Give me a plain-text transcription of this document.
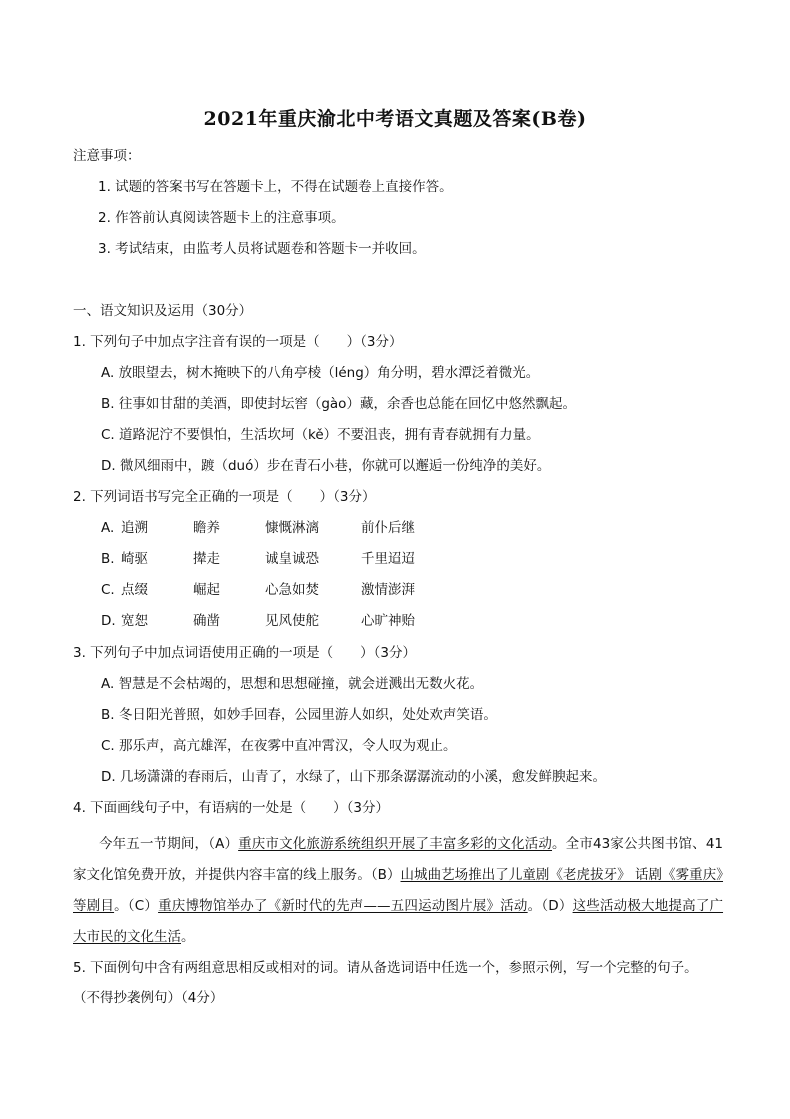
2021年重庆渝北中考语文真题及答案(B卷)
注意事项：
1. 试题的答案书写在答题卡上，不得在试题卷上直接作答。
2. 作答前认真阅读答题卡上的注意事项。
3. 考试结束，由监考人员将试题卷和答题卡一并收回。
一、语文知识及运用（30分）
1. 下列句子中加点字注音有误的一项是（　　）（3分）
A. 放眼望去，树木掩映下的八角亭棱（léng）角分明，碧水潭泛着微光。
B. 往事如甘甜的美酒，即使封坛窖（gào）藏，余香也总能在回忆中悠然飘起。
C. 道路泥泞不要惧怕，生活坎坷（kě）不要沮丧，拥有青春就拥有力量。
D. 微风细雨中，踱（duó）步在青石小巷，你就可以邂逅一份纯净的美好。
2. 下列词语书写完全正确的一项是（　　）（3分）
A. 追溯	瞻养	慷慨淋漓	前仆后继
B. 崎驱	撵走	诚皇诚恐	千里迢迢
C. 点缀	崛起	心急如焚	激情澎湃
D. 宽恕	确凿	见风使舵	心旷神贻
3. 下列句子中加点词语使用正确的一项是（　　）（3分）
A. 智慧是不会枯竭的，思想和思想碰撞，就会迸溅出无数火花。
B. 冬日阳光普照，如妙手回春，公园里游人如织，处处欢声笑语。
C. 那乐声，高亢雄浑，在夜雾中直冲霄汉，令人叹为观止。
D. 几场潇潇的春雨后，山青了，水绿了，山下那条潺潺流动的小溪，愈发鲜腴起来。
4. 下面画线句子中，有语病的一处是（　　）（3分）
今年五一节期间，（A）重庆市文化旅游系统组织开展了丰富多彩的文化活动。全市43家公共图书馆、41家文化馆免费开放，并提供内容丰富的线上服务。（B）山城曲艺场推出了儿童剧《老虎拔牙》 话剧《雾重庆》等剧目。（C）重庆博物馆举办了《新时代的先声——五四运动图片展》活动。（D）这些活动极大地提高了广大市民的文化生活。
5. 下面例句中含有两组意思相反或相对的词。请从备选词语中任选一个，参照示例，写一个完整的句子。
（不得抄袭例句）（4分）
